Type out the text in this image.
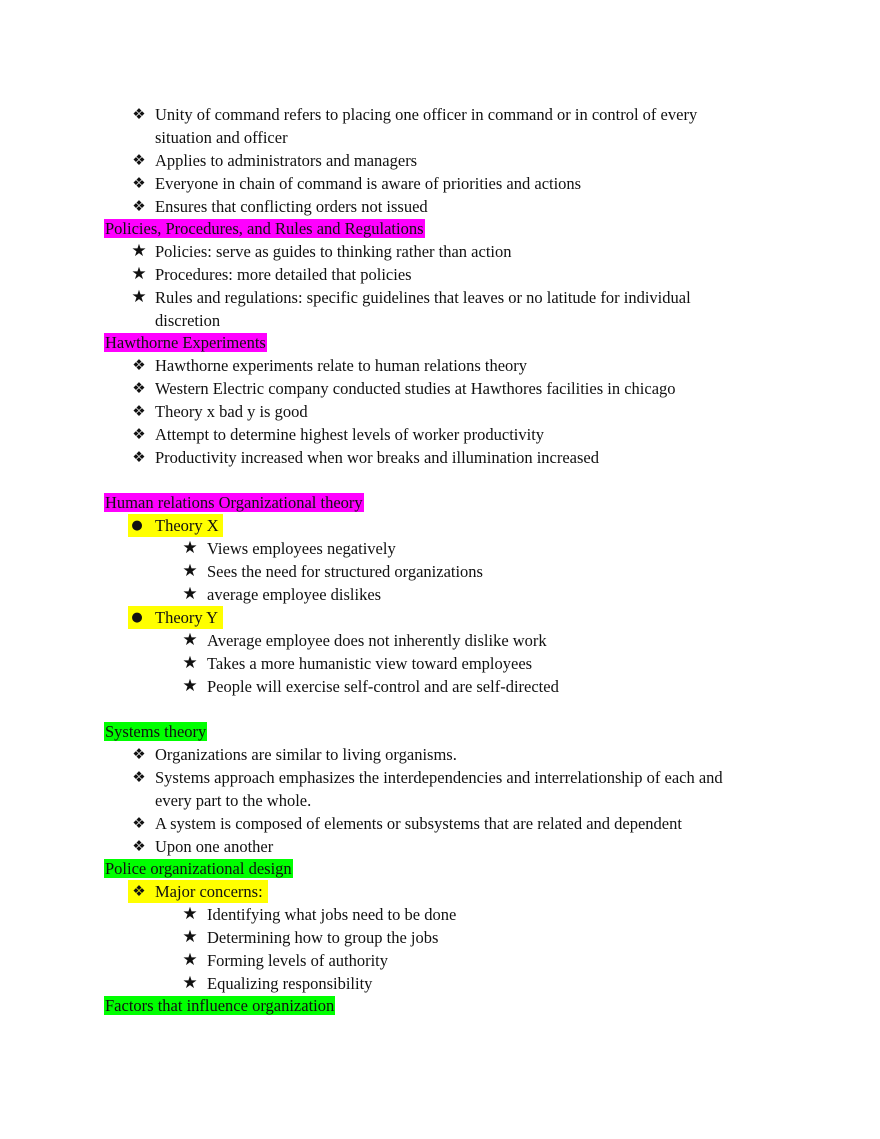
❖ Unity of command refers to placing one officer in command or in control of every
situation and officer
❖ Applies to administrators and managers
❖ Everyone in chain of command is aware of priorities and actions
❖ Ensures that conflicting orders not issued
Policies, Procedures, and Rules and Regulations
★ Policies: serve as guides to thinking rather than action
★ Procedures: more detailed that policies
★ Rules and regulations: specific guidelines that leaves or no latitude for individual
discretion
Hawthorne Experiments
❖ Hawthorne experiments relate to human relations theory
❖ Western Electric company conducted studies at Hawthores facilities in chicago
❖ Theory x bad y is good
❖ Attempt to determine highest levels of worker productivity
❖ Productivity increased when wor breaks and illumination increased
Human relations Organizational theory
● Theory X
★ Views employees negatively
★ Sees the need for structured organizations
★ average employee dislikes
● Theory Y
★ Average employee does not inherently dislike work
★ Takes a more humanistic view toward employees
★ People will exercise self-control and are self-directed
Systems theory
❖ Organizations are similar to living organisms.
❖ Systems approach emphasizes the interdependencies and interrelationship of each and
every part to the whole.
❖ A system is composed of elements or subsystems that are related and dependent
❖ Upon one another
Police organizational design
❖ Major concerns:
★ Identifying what jobs need to be done
★ Determining how to group the jobs
★ Forming levels of authority
★ Equalizing responsibility
Factors that influence organization
